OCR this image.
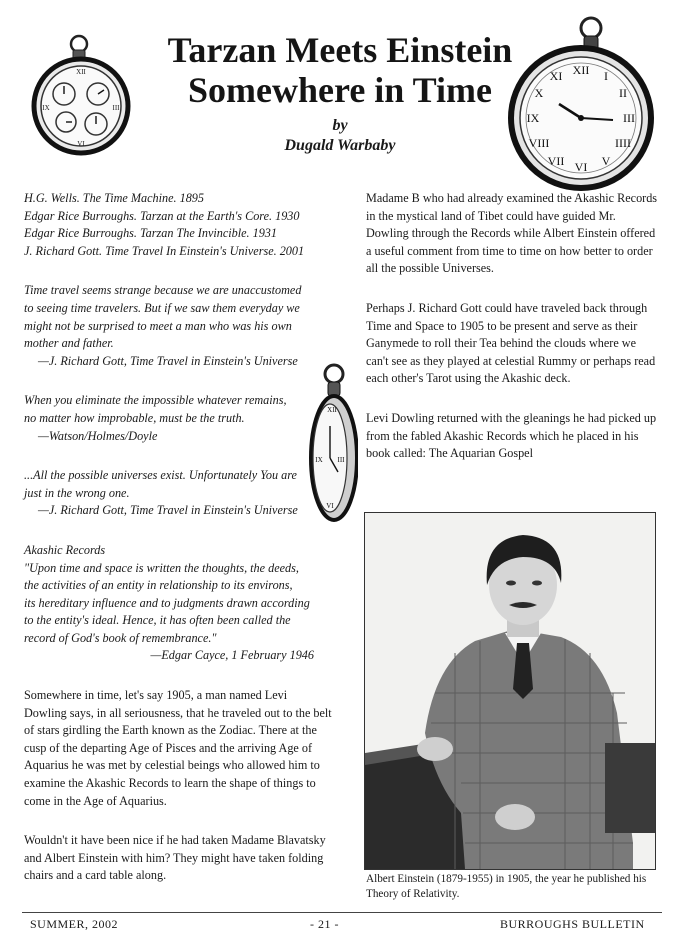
Tarzan Meets Einstein
Somewhere in Time
by
Dugald Warbaby
XII
III
VI
IX
XII I
II
III
IIII
V
VI
VII
VIII
IX
X
XI
XII
III
VI
IX

H.G. Wells. The Time Machine. 1895

Edgar Rice Burroughs. Tarzan at the Earth's Core. 1930

Edgar Rice Burroughs. Tarzan The Invincible. 1931

J. Richard Gott. Time Travel In Einstein's Universe. 2001

Time travel seems strange because we are unaccustomed

to seeing time travelers. But if we saw them everyday we

might not be surprised to meet a man who was his own

mother and father.

—J. Richard Gott, Time Travel in Einstein's Universe

When you eliminate the impossible whatever remains,

no matter how improbable, must be the truth.

—Watson/Holmes/Doyle

...All the possible universes exist. Unfortunately You are

just in the wrong one.

—J. Richard Gott, Time Travel in Einstein's Universe

Akashic Records

"Upon time and space is written the thoughts, the deeds,

the activities of an entity in relationship to its environs,

its hereditary influence and to judgments drawn according

to the entity's ideal. Hence, it has often been called the

record of God's book of remembrance."

—Edgar Cayce, 1 February 1946

Somewhere in time, let's say 1905, a man named Levi Dowling says, in all seriousness, that he traveled out to the belt of stars girdling the Earth known as the Zodiac. There at the cusp of the departing Age of Pisces and the arriving Age of Aquarius he was met by celestial beings who allowed him to examine the Akashic Records to learn the shape of things to come in the Age of Aquarius.

Wouldn't it have been nice if he had taken Madame Blavatsky and Albert Einstein with him? They might have taken folding chairs and a card table along.

Madame B who had already examined the Akashic Records in the mystical land of Tibet could have guided Mr. Dowling through the Records while Albert Einstein offered a useful comment from time to time on how better to order all the possible Universes.

Perhaps J. Richard Gott could have traveled back through Time and Space to 1905 to be present and serve as their Ganymede to roll their Tea behind the clouds where we can't see as they played at celestial Rummy or perhaps read each other's Tarot using the Akashic deck.

Levi Dowling returned with the gleanings he had picked up from the fabled Akashic Records which he placed in his book called: The Aquarian Gospel

Albert Einstein (1879-1955) in 1905, the year he published his Theory of Relativity.
SUMMER, 2002	- 21 -	BURROUGHS BULLETIN
